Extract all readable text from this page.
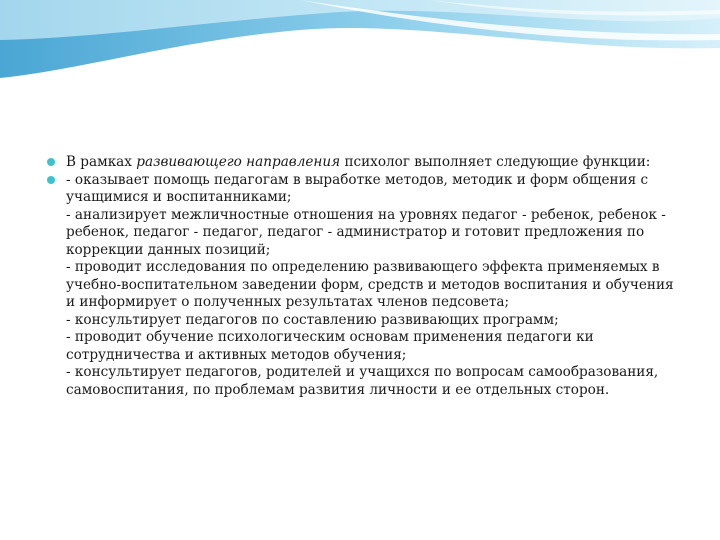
В рамках развивающего направления психолог выполняет следующие функции:

- оказывает помощь педагогам в выработке методов, методик и форм общения с учащимися и воспитанниками;
- анализирует межличностные отношения на уровнях педагог - ребенок, ребенок - ребенок, педагог - педагог, педагог - администратор и готовит предложения по коррекции данных позиций;
- проводит исследования по определению развивающего эффекта применяемых в учебно-воспитательном заведении форм, средств и методов воспитания и обучения и информирует о полученных результатах членов педсовета;
- консультирует педагогов по составлению развивающих программ;
- проводит обучение психологическим основам применения педагоги ки сотрудничества и активных методов обучения;
- консультирует педагогов, родителей и учащихся по вопросам самообразования, самовоспитания, по проблемам развития личности и ее отдельных сторон.
